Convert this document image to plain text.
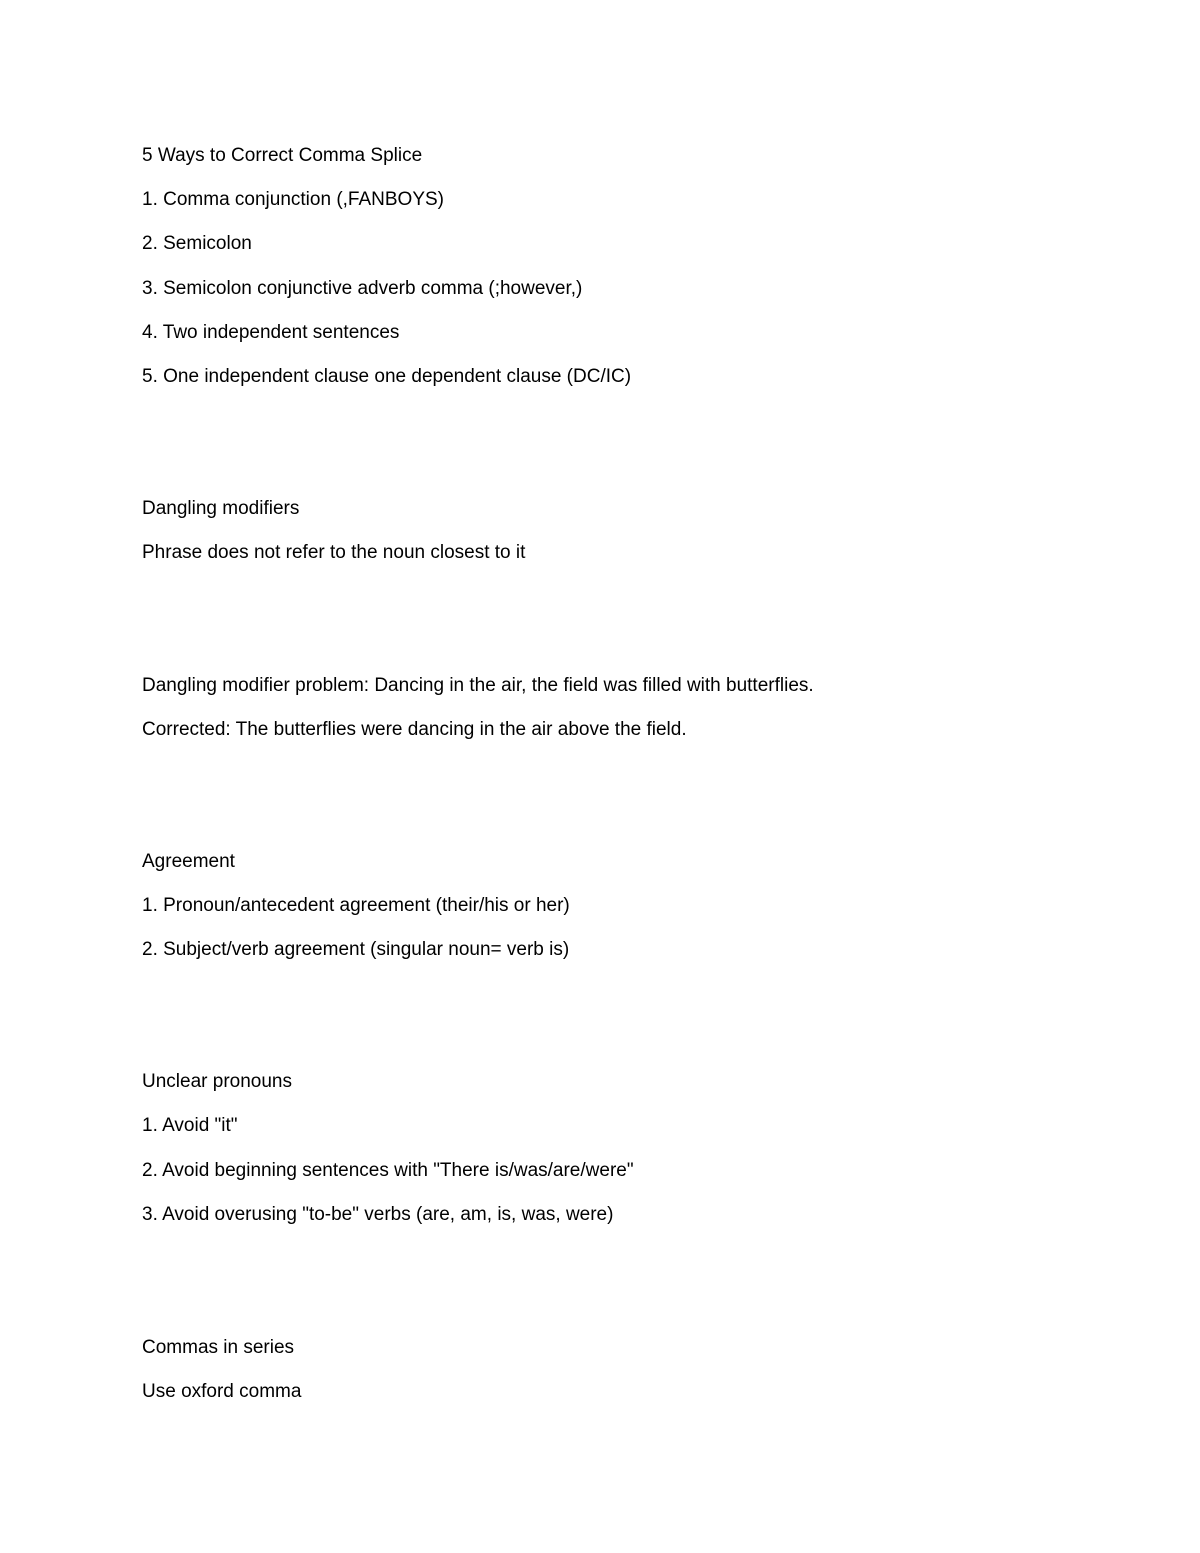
5 Ways to Correct Comma Splice

1. Comma conjunction (,FANBOYS)

2. Semicolon

3. Semicolon conjunctive adverb comma (;however,)

4. Two independent sentences

5. One independent clause one dependent clause (DC/IC)

Dangling modifiers

Phrase does not refer to the noun closest to it

Dangling modifier problem: Dancing in the air, the field was filled with butterflies.

Corrected: The butterflies were dancing in the air above the field.

Agreement

1. Pronoun/antecedent agreement (their/his or her)

2. Subject/verb agreement (singular noun= verb is)

Unclear pronouns

1. Avoid "it"

2. Avoid beginning sentences with "There is/was/are/were"

3. Avoid overusing "to-be" verbs (are, am, is, was, were)

Commas in series

Use oxford comma
